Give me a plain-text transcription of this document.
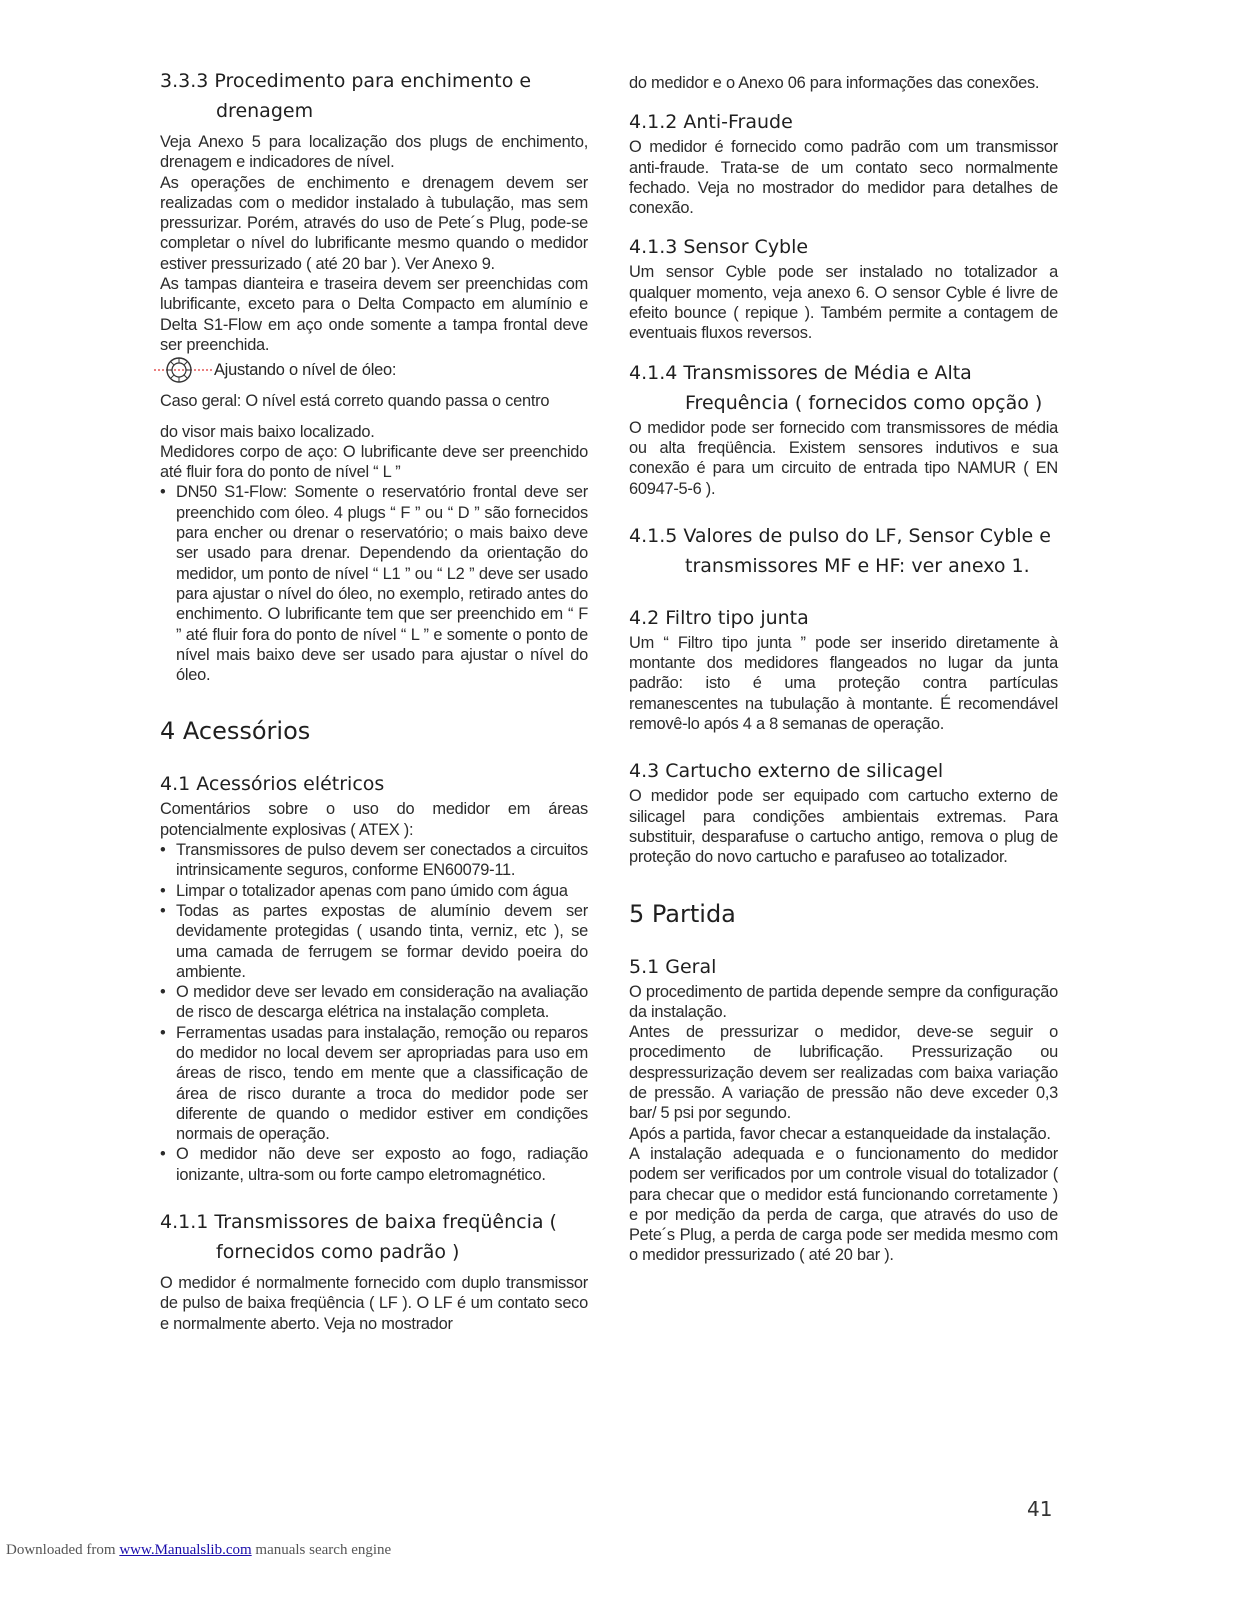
3.3.3 Procedimento para enchimento e
drenagem

Veja Anexo 5 para localização dos plugs de enchimento, drenagem e indicadores de nível.

As operações de enchimento e drenagem devem ser realizadas com o medidor instalado à tubulação, mas sem pressurizar. Porém, através do uso de Pete´s Plug, pode-se completar o nível do lubrificante mesmo quando o medidor estiver pressurizado ( até 20 bar ). Ver Anexo 9.

As tampas dianteira e traseira devem ser preenchidas com lubrificante, exceto para o Delta Compacto em alumínio e Delta S1-Flow em aço onde somente a tampa frontal deve ser preenchida.

Ajustando o nível de óleo:

Caso geral: O nível está correto quando passa o centro

do visor mais baixo localizado.

Medidores corpo de aço: O lubrificante deve ser preenchido até fluir fora do ponto de nível “ L ”

• DN50 S1-Flow: Somente o reservatório frontal deve ser preenchido com óleo. 4 plugs “ F ” ou “ D ” são fornecidos para encher ou drenar o reservatório; o mais baixo deve ser usado para drenar. Dependendo da orientação do medidor, um ponto de nível “ L1 ” ou “ L2 ” deve ser usado para ajustar o nível do óleo, no exemplo, retirado antes do enchimento. O lubrificante tem que ser preenchido em “ F ” até fluir fora do ponto de nível “ L ” e somente o ponto de nível mais baixo deve ser usado para ajustar o nível do óleo.
4 Acessórios
4.1 Acessórios elétricos

Comentários sobre o uso do medidor em áreas potencialmente explosivas ( ATEX ):

• Transmissores de pulso devem ser conectados a circuitos intrinsicamente seguros, conforme EN60079-11.
• Limpar o totalizador apenas com pano úmido com água
• Todas as partes expostas de alumínio devem ser devidamente protegidas ( usando tinta, verniz, etc ), se uma camada de ferrugem se formar devido poeira do ambiente.
• O medidor deve ser levado em consideração na avaliação de risco de descarga elétrica na instalação completa.
• Ferramentas usadas para instalação, remoção ou reparos do medidor no local devem ser apropriadas para uso em áreas de risco, tendo em mente que a classificação de área de risco durante a troca do medidor pode ser diferente de quando o medidor estiver em condições normais de operação.
• O medidor não deve ser exposto ao fogo, radiação ionizante, ultra-som ou forte campo eletromagnético.
4.1.1 Transmissores de baixa freqüência (
fornecidos como padrão )

O medidor é normalmente fornecido com duplo transmissor de pulso de baixa freqüência ( LF ). O LF é um contato seco e normalmente aberto. Veja no mostrador

do medidor e o Anexo 06 para informações das conexões.

4.1.2 Anti-Fraude

O medidor é fornecido como padrão com um transmissor anti-fraude. Trata-se de um contato seco normalmente fechado. Veja no mostrador do medidor para detalhes de conexão.

4.1.3 Sensor Cyble

Um sensor Cyble pode ser instalado no totalizador a qualquer momento, veja anexo 6. O sensor Cyble é livre de efeito bounce ( repique ). Também permite a contagem de eventuais fluxos reversos.

4.1.4 Transmissores de Média e Alta
Frequência ( fornecidos como opção )

O medidor pode ser fornecido com transmissores de média ou alta freqüência. Existem sensores indutivos e sua conexão é para um circuito de entrada tipo NAMUR ( EN 60947-5-6 ).

4.1.5 Valores de pulso do LF, Sensor Cyble e
transmissores MF e HF: ver anexo 1.
4.2 Filtro tipo junta

Um “ Filtro tipo junta ” pode ser inserido diretamente à montante dos medidores flangeados no lugar da junta padrão: isto é uma proteção contra partículas remanescentes na tubulação à montante. É recomendável removê-lo após 4 a 8 semanas de operação.

4.3 Cartucho externo de silicagel

O medidor pode ser equipado com cartucho externo de silicagel para condições ambientais extremas. Para substituir, desparafuse o cartucho antigo, remova o plug de proteção do novo cartucho e parafuseo ao totalizador.

5 Partida
5.1 Geral

O procedimento de partida depende sempre da configuração da instalação.

Antes de pressurizar o medidor, deve-se seguir o procedimento de lubrificação. Pressurização ou despressurização devem ser realizadas com baixa variação de pressão. A variação de pressão não deve exceder 0,3 bar/ 5 psi por segundo.

Após a partida, favor checar a estanqueidade da instalação.

A instalação adequada e o funcionamento do medidor podem ser verificados por um controle visual do totalizador ( para checar que o medidor está funcionando corretamente ) e por medição da perda de carga, que através do uso de Pete´s Plug, a perda de carga pode ser medida mesmo com o medidor pressurizado ( até 20 bar ).

41
Downloaded from www.Manualslib.com manuals search engine
